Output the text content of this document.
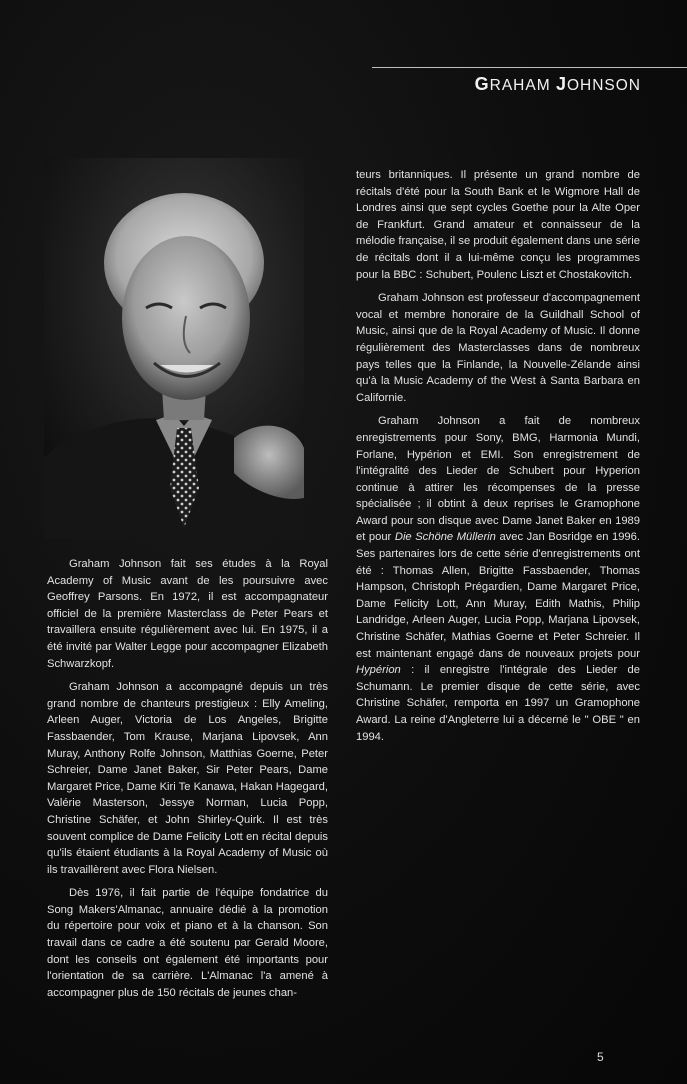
GRAHAM JOHNSON

Graham Johnson fait ses études à la Royal Academy of Music avant de les poursuivre avec Geoffrey Parsons. En 1972, il est accompagnateur officiel de la première Masterclass de Peter Pears et travaillera ensuite régulièrement avec lui. En 1975, il a été invité par Walter Legge pour accompagner Elizabeth Schwarzkopf.

Graham Johnson a accompagné depuis un très grand nombre de chanteurs prestigieux : Elly Ameling, Arleen Auger, Victoria de Los Angeles, Brigitte Fassbaender, Tom Krause, Marjana Lipovsek, Ann Muray, Anthony Rolfe Johnson, Matthias Goerne, Peter Schreier, Dame Janet Baker, Sir Peter Pears, Dame Margaret Price, Dame Kiri Te Kanawa, Hakan Hagegard, Valérie Masterson, Jessye Norman, Lucia Popp, Christine Schäfer, et John Shirley-Quirk. Il est très souvent complice de Dame Felicity Lott en récital depuis qu'ils étaient étudiants à la Royal Academy of Music où ils travaillèrent avec Flora Nielsen.

Dès 1976, il fait partie de l'équipe fondatrice du Song Makers'Almanac, annuaire dédié à la promotion du répertoire pour voix et piano et à la chanson. Son travail dans ce cadre a été soutenu par Gerald Moore, dont les conseils ont également été importants pour l'orientation de sa carrière. L'Almanac l'a amené à accompagner plus de 150 récitals de jeunes chan-

teurs britanniques. Il présente un grand nombre de récitals d'été pour la South Bank et le Wigmore Hall de Londres ainsi que sept cycles Goethe pour la Alte Oper de Frankfurt. Grand amateur et connaisseur de la mélodie française, il se produit également dans une série de récitals dont il a lui-même conçu les programmes pour la BBC : Schubert, Poulenc Liszt et Chostakovitch.

Graham Johnson est professeur d'accompagnement vocal et membre honoraire de la Guildhall School of Music, ainsi que de la Royal Academy of Music. Il donne régulièrement des Masterclasses dans de nombreux pays telles que la Finlande, la Nouvelle-Zélande ainsi qu'à la Music Academy of the West à Santa Barbara en Californie.

Graham Johnson a fait de nombreux enregistrements pour Sony, BMG, Harmonia Mundi, Forlane, Hypérion et EMI. Son enregistrement de l'intégralité des Lieder de Schubert pour Hyperion continue à attirer les récompenses de la presse spécialisée ; il obtint à deux reprises le Gramophone Award pour son disque avec Dame Janet Baker en 1989 et pour Die Schöne Müllerin avec Jan Bosridge en 1996. Ses partenaires lors de cette série d'enregistrements ont été : Thomas Allen, Brigitte Fassbaender, Thomas Hampson, Christoph Prégardien, Dame Margaret Price, Dame Felicity Lott, Ann Muray, Edith Mathis, Philip Landridge, Arleen Auger, Lucia Popp, Marjana Lipovsek, Christine Schäfer, Mathias Goerne et Peter Schreier. Il est maintenant engagé dans de nouveaux projets pour Hypérion : il enregistre l'intégrale des Lieder de Schumann. Le premier disque de cette série, avec Christine Schäfer, remporta en 1997 un Gramophone Award. La reine d'Angleterre lui a décerné le " OBE " en 1994.

5
